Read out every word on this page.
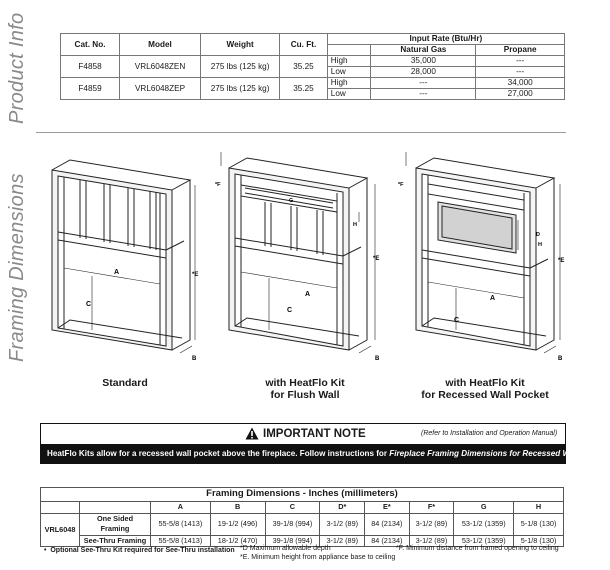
Product Info
Framing Dimensions
Cat. No.	Model	Weight	Cu. Ft.	Input Rate (Btu/Hr)		
					Natural Gas	Propane
F4858	VRL6048ZEN	275 lbs (125 kg)	35.25	High	35,000	---
				Low	28,000	---
F4859	VRL6048ZEP	275 lbs (125 kg)	35.25	High	---	34,000
				Low	---	27,000
A
C
*E
B
*F
G
H
A
C
*E
B
*F
D
H
A
C
*E
B
Standard	with HeatFlo Kit
for Flush Wall
with HeatFlo Kit
for Recessed Wall Pocket
IMPORTANT NOTE	(Refer to Installation and Operation Manual)
HeatFlo Kits allow for a recessed wall pocket above the fireplace. Follow instructions for Fireplace Framing Dimensions for Recessed Wall Pocket.
Framing Dimensions - Inches (millimeters)									
		A	B	C	D*	E*	F*	G	H
VRL6048	One Sided Framing	55-5/8 (1413)	19-1/2 (496)	39-1/8 (994)	3-1/2 (89)	84 (2134)	3-1/2 (89)	53-1/2 (1359)	5-1/8 (130)
	See-Thru Framing	55-5/8 (1413)	18-1/2 (470)	39-1/8 (994)	3-1/2 (89)	84 (2134)	3-1/2 (89)	53-1/2 (1359)	5-1/8 (130)
•  Optional See-Thru Kit required for See-Thru installation *D Maximum allowable depth
*E. Minimum height from appliance base to ceiling
*F. Minimum distance from framed opening to ceiling
